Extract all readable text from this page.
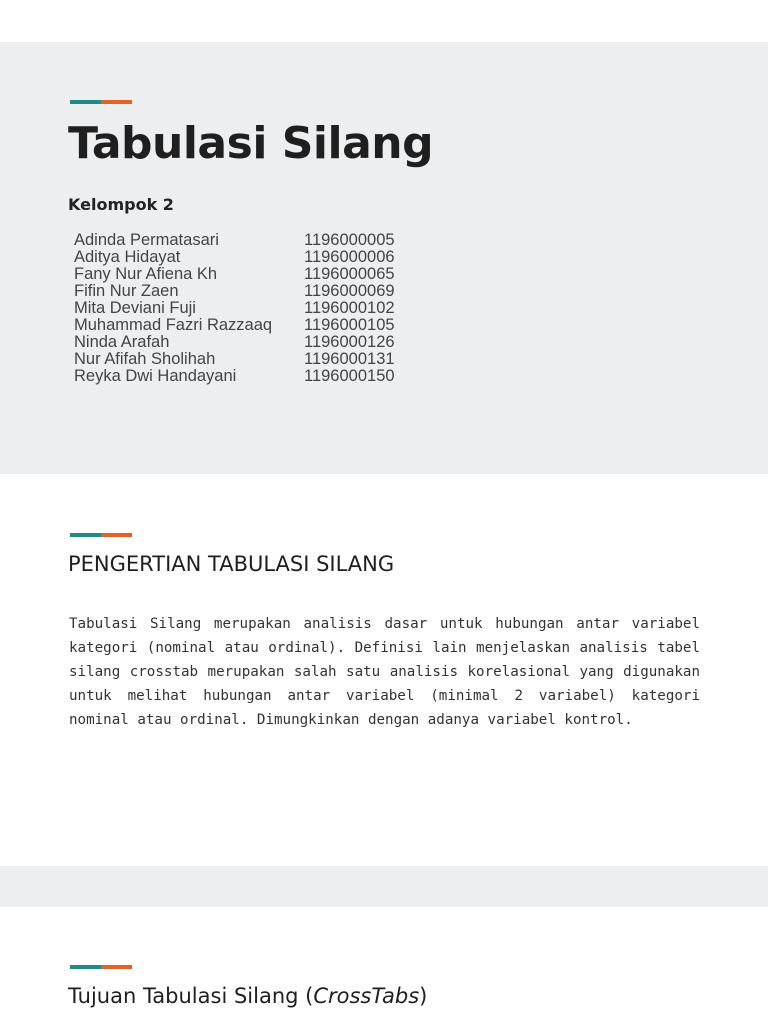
Tabulasi Silang
Kelompok 2
Adinda Permatasari	1196000005
Aditya Hidayat	1196000006
Fany Nur Afiena Kh	1196000065
Fifin Nur Zaen	1196000069
Mita Deviani Fuji	1196000102
Muhammad Fazri Razzaaq	1196000105
Ninda Arafah	1196000126
Nur Afifah Sholihah	1196000131
Reyka Dwi Handayani	1196000150
PENGERTIAN TABULASI SILANG

Tabulasi Silang merupakan analisis dasar untuk hubungan antar variabel kategori (nominal atau ordinal). Definisi lain menjelaskan analisis tabel silang crosstab merupakan salah satu analisis korelasional yang digunakan untuk melihat hubungan antar variabel (minimal 2 variabel) kategori nominal atau ordinal. Dimungkinkan dengan adanya variabel kontrol.

Tujuan Tabulasi Silang (CrossTabs)
